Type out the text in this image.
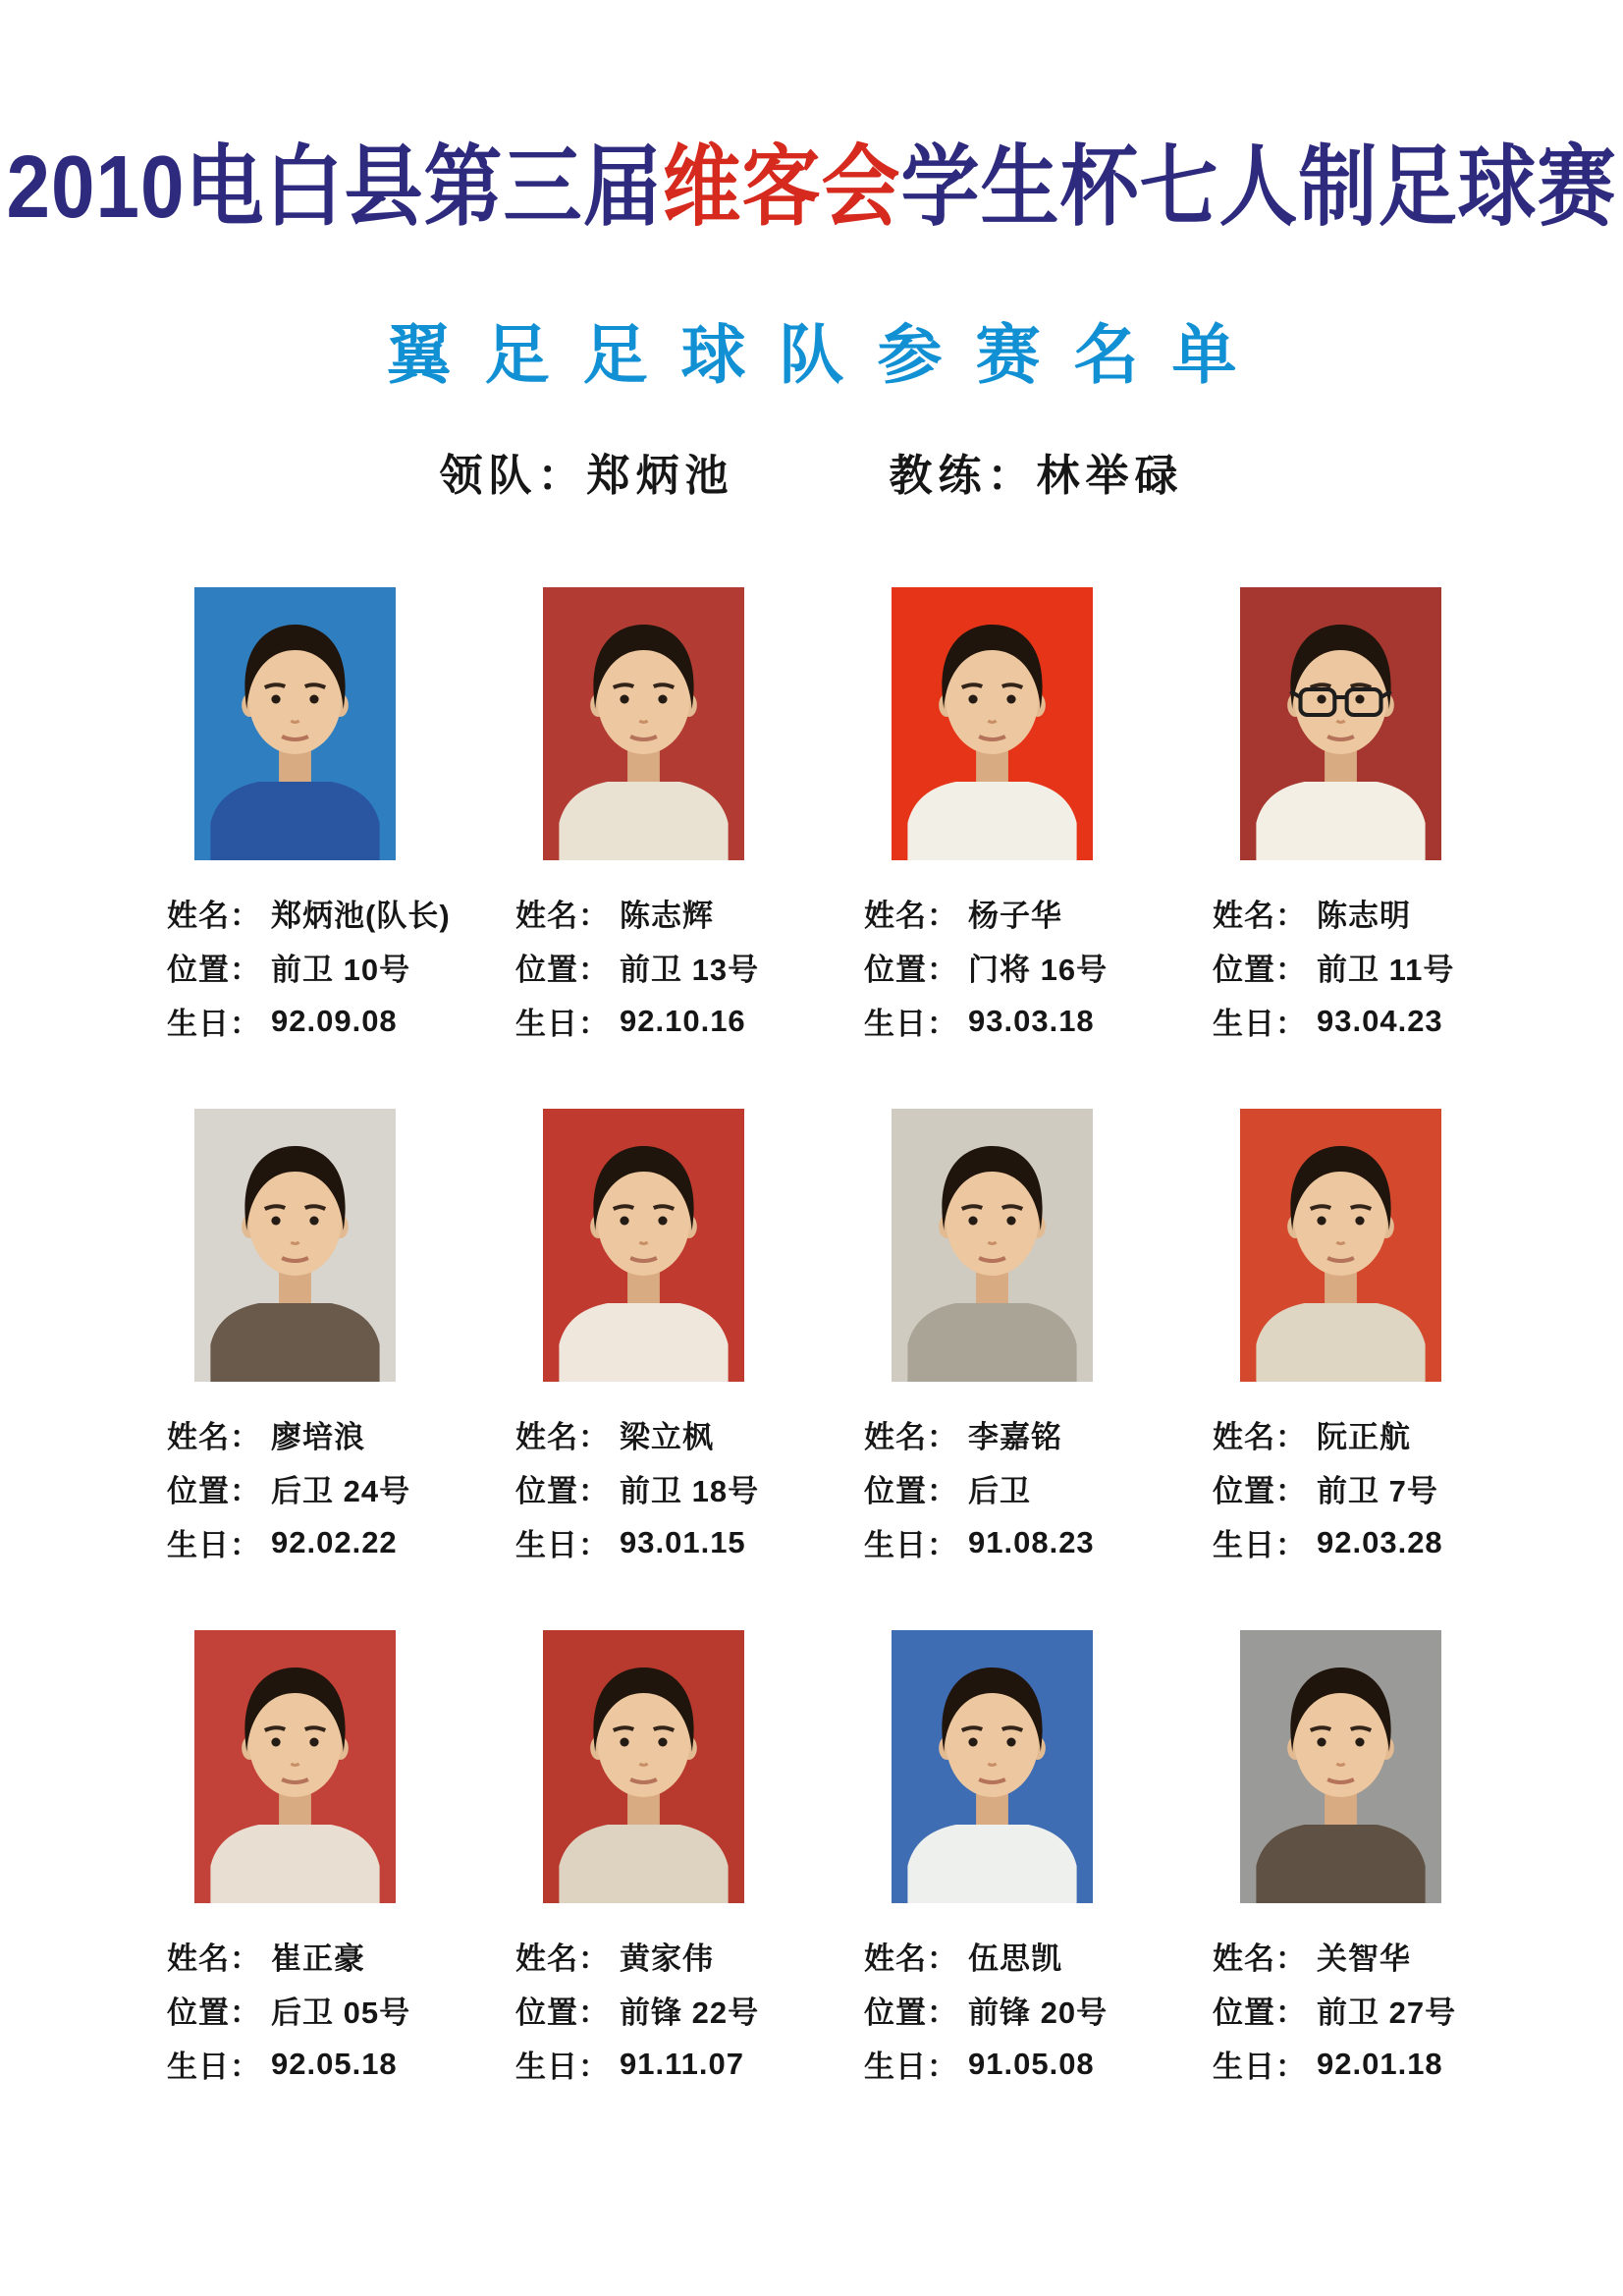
2010电白县第三届维客会学生杯七人制足球赛
翼足足球队参赛名单
领队：郑炳池	教练：林举碌
姓名： 郑炳池(队长)
位置： 前卫 10号
生日： 92.09.08
姓名： 陈志辉
位置： 前卫 13号
生日： 92.10.16
姓名： 杨子华
位置： 门将 16号
生日： 93.03.18
姓名： 陈志明
位置： 前卫 11号
生日： 93.04.23
姓名： 廖培浪
位置： 后卫 24号
生日： 92.02.22
姓名： 梁立枫
位置： 前卫 18号
生日： 93.01.15
姓名： 李嘉铭
位置： 后卫
生日： 91.08.23
姓名： 阮正航
位置： 前卫 7号
生日： 92.03.28
姓名： 崔正豪
位置： 后卫 05号
生日： 92.05.18
姓名： 黄家伟
位置： 前锋 22号
生日： 91.11.07
姓名： 伍思凯
位置： 前锋 20号
生日： 91.05.08
姓名： 关智华
位置： 前卫 27号
生日： 92.01.18
